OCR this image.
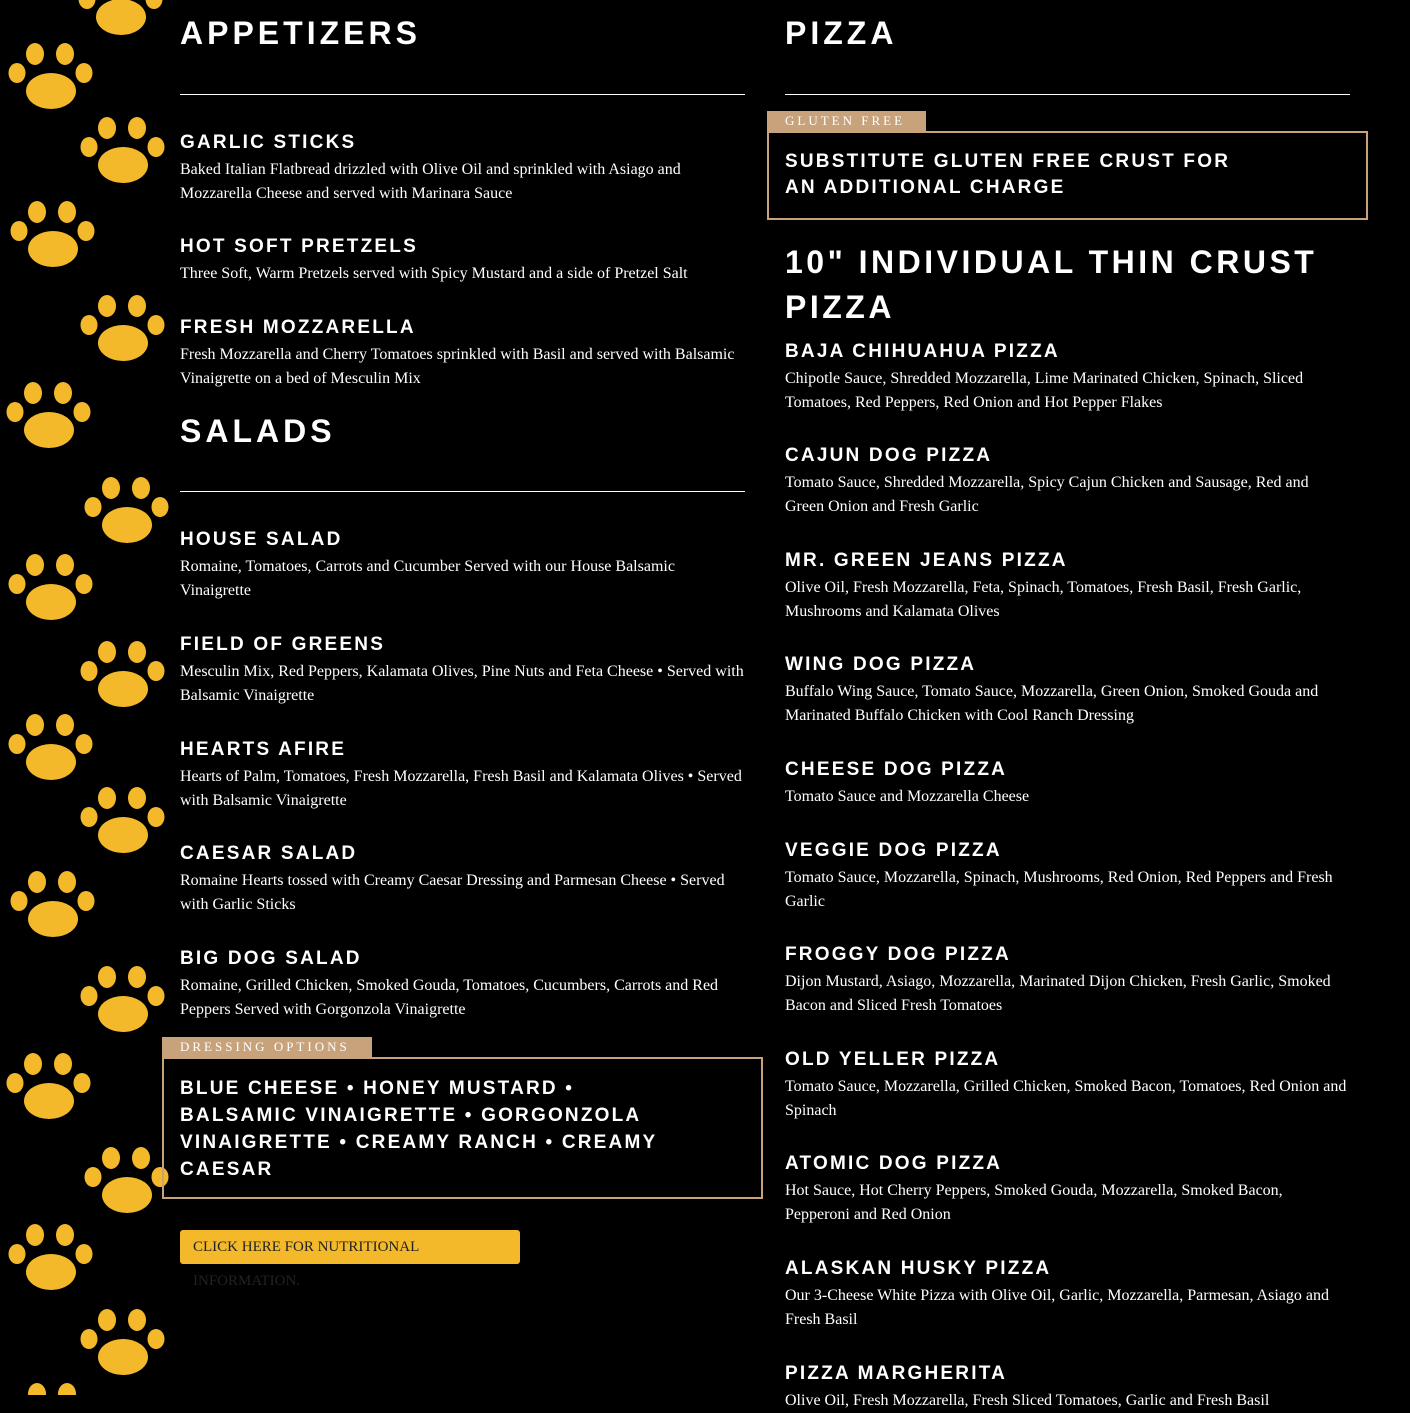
APPETIZERS
GARLIC STICKS
Baked Italian Flatbread drizzled with Olive Oil and sprinkled with Asiago and Mozzarella Cheese and served with Marinara Sauce
HOT SOFT PRETZELS
Three Soft, Warm Pretzels served with Spicy Mustard and a side of Pretzel Salt
FRESH MOZZARELLA
Fresh Mozzarella and Cherry Tomatoes sprinkled with Basil and served with Balsamic Vinaigrette on a bed of Mesculin Mix
SALADS
HOUSE SALAD
Romaine, Tomatoes, Carrots and Cucumber Served with our House Balsamic Vinaigrette
FIELD OF GREENS
Mesculin Mix, Red Peppers, Kalamata Olives, Pine Nuts and Feta Cheese • Served with Balsamic Vinaigrette
HEARTS AFIRE
Hearts of Palm, Tomatoes, Fresh Mozzarella, Fresh Basil and Kalamata Olives • Served with Balsamic Vinaigrette
CAESAR SALAD
Romaine Hearts tossed with Creamy Caesar Dressing and Parmesan Cheese • Served with Garlic Sticks
BIG DOG SALAD
Romaine, Grilled Chicken, Smoked Gouda, Tomatoes, Cucumbers, Carrots and Red Peppers Served with Gorgonzola Vinaigrette
DRESSING OPTIONS
BLUE CHEESE • HONEY MUSTARD • BALSAMIC VINAIGRETTE • GORGONZOLA VINAIGRETTE • CREAMY RANCH • CREAMY CAESAR
CLICK HERE FOR NUTRITIONAL INFORMATION.
PIZZA
GLUTEN FREE
SUBSTITUTE GLUTEN FREE CRUST FOR AN ADDITIONAL CHARGE
10" INDIVIDUAL THIN CRUST PIZZA
BAJA CHIHUAHUA PIZZA
Chipotle Sauce, Shredded Mozzarella, Lime Marinated Chicken, Spinach, Sliced Tomatoes, Red Peppers, Red Onion and Hot Pepper Flakes
CAJUN DOG PIZZA
Tomato Sauce, Shredded Mozzarella, Spicy Cajun Chicken and Sausage, Red and Green Onion and Fresh Garlic
MR. GREEN JEANS PIZZA
Olive Oil, Fresh Mozzarella, Feta, Spinach, Tomatoes, Fresh Basil, Fresh Garlic, Mushrooms and Kalamata Olives
WING DOG PIZZA
Buffalo Wing Sauce, Tomato Sauce, Mozzarella, Green Onion, Smoked Gouda and Marinated Buffalo Chicken with Cool Ranch Dressing
CHEESE DOG PIZZA
Tomato Sauce and Mozzarella Cheese
VEGGIE DOG PIZZA
Tomato Sauce, Mozzarella, Spinach, Mushrooms, Red Onion, Red Peppers and Fresh Garlic
FROGGY DOG PIZZA
Dijon Mustard, Asiago, Mozzarella, Marinated Dijon Chicken, Fresh Garlic, Smoked Bacon and Sliced Fresh Tomatoes
OLD YELLER PIZZA
Tomato Sauce, Mozzarella, Grilled Chicken, Smoked Bacon, Tomatoes, Red Onion and Spinach
ATOMIC DOG PIZZA
Hot Sauce, Hot Cherry Peppers, Smoked Gouda, Mozzarella, Smoked Bacon, Pepperoni and Red Onion
ALASKAN HUSKY PIZZA
Our 3-Cheese White Pizza with Olive Oil, Garlic, Mozzarella, Parmesan, Asiago and Fresh Basil
PIZZA MARGHERITA
Olive Oil, Fresh Mozzarella, Fresh Sliced Tomatoes, Garlic and Fresh Basil
